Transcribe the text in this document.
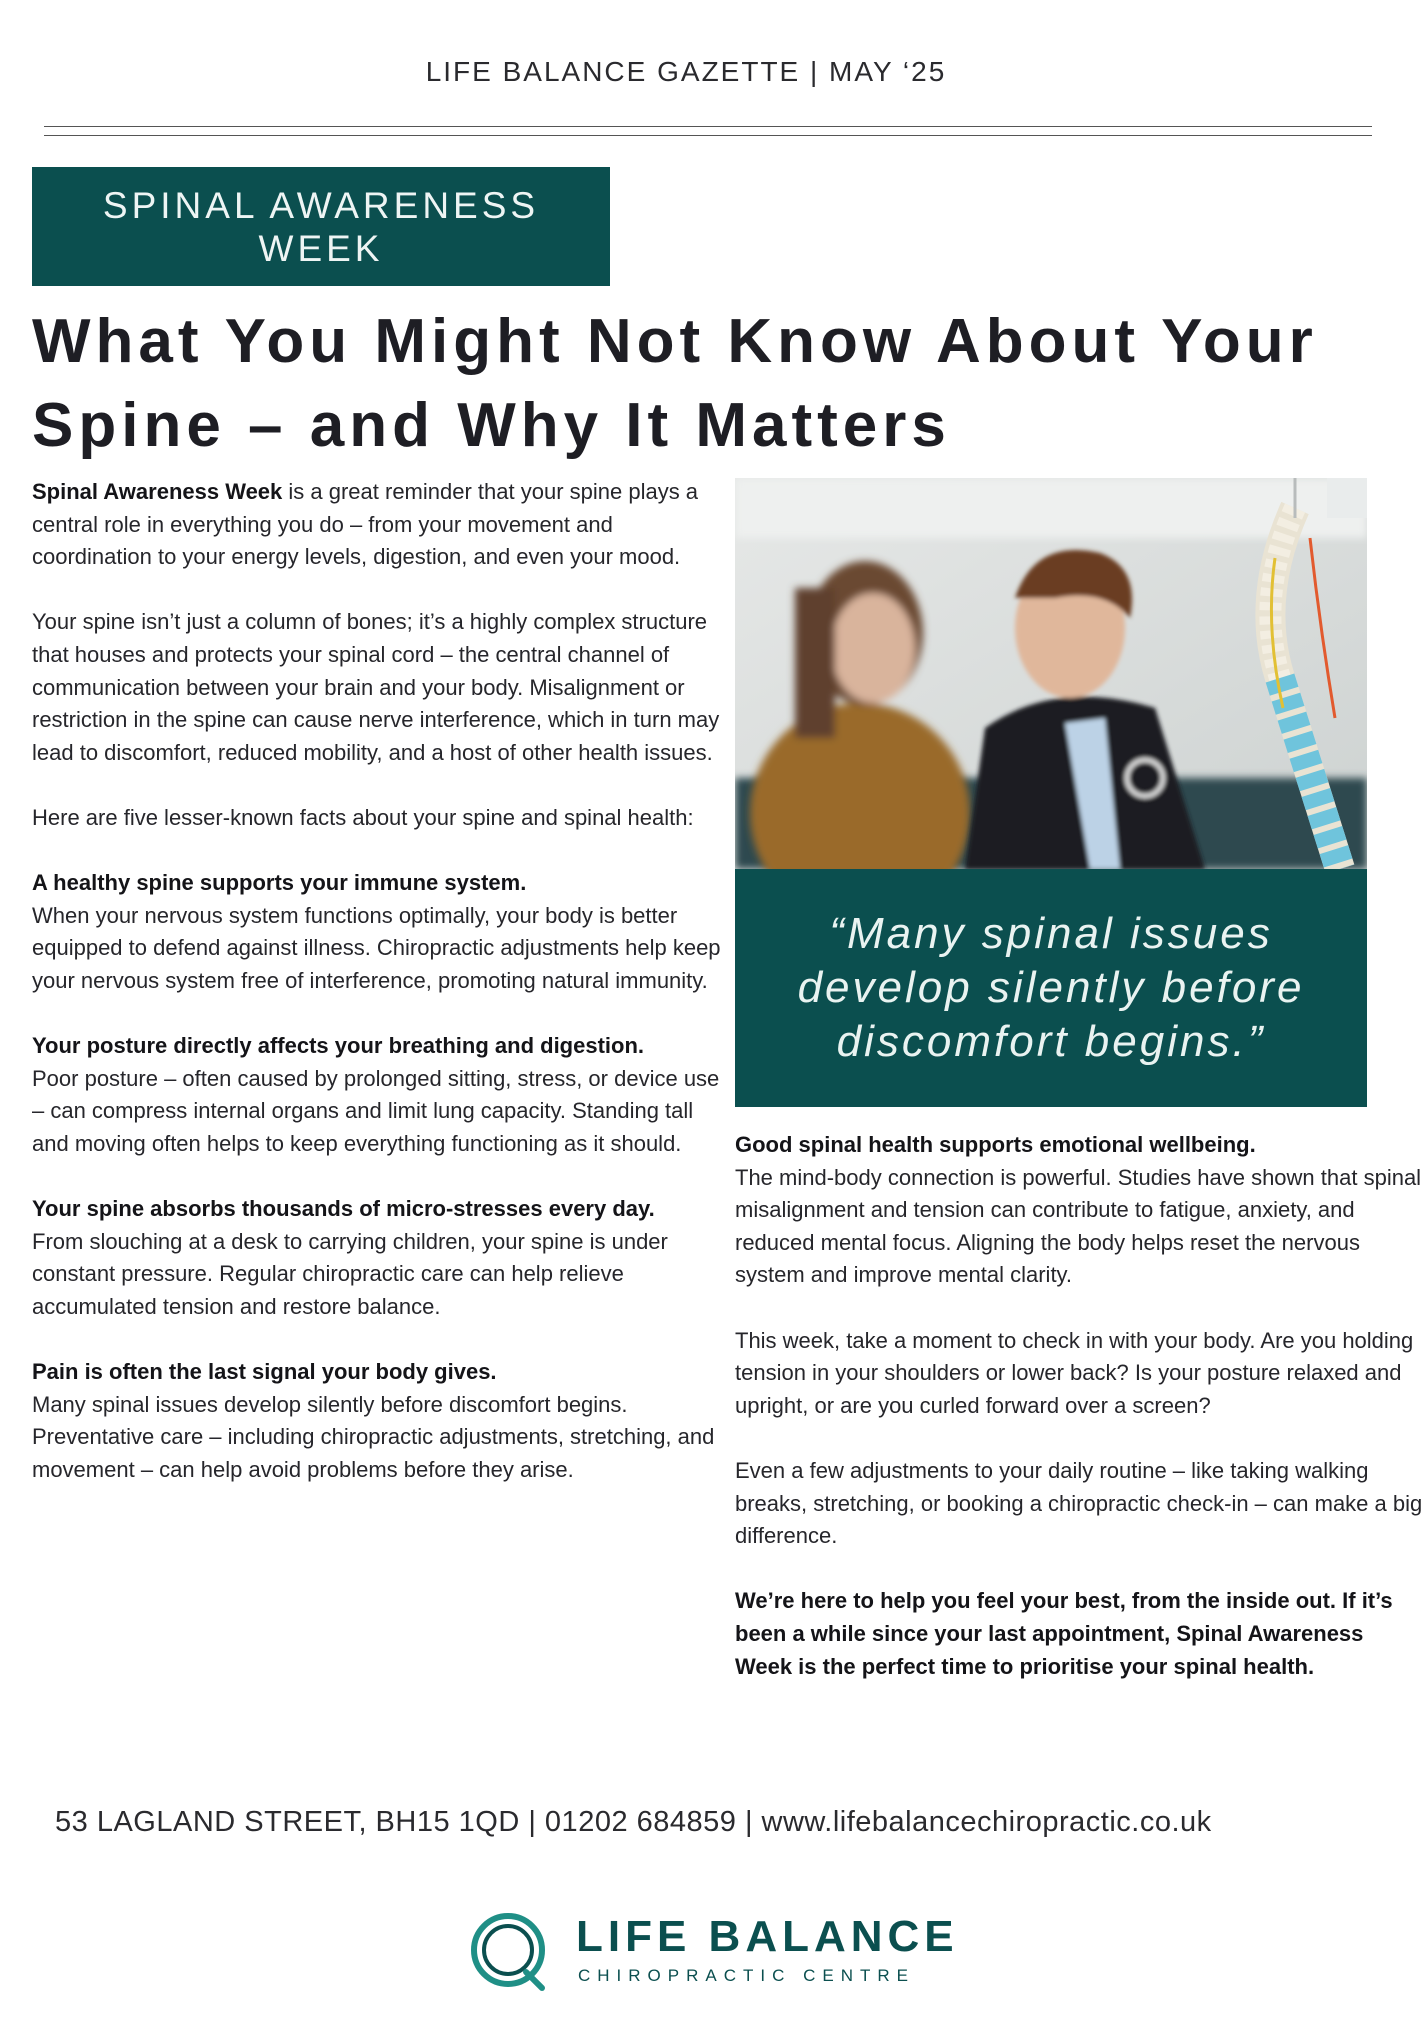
LIFE BALANCE GAZETTE | MAY ‘25
SPINAL AWARENESS WEEK
What You Might Not Know About Your Spine – and Why It Matters

Spinal Awareness Week is a great reminder that your spine plays a central role in everything you do – from your movement and coordination to your energy levels, digestion, and even your mood.

Your spine isn’t just a column of bones; it’s a highly complex structure that houses and protects your spinal cord – the central channel of communication between your brain and your body. Misalignment or restriction in the spine can cause nerve interference, which in turn may lead to discomfort, reduced mobility, and a host of other health issues.

Here are five lesser-known facts about your spine and spinal health:

A healthy spine supports your immune system.
When your nervous system functions optimally, your body is better equipped to defend against illness. Chiropractic adjustments help keep your nervous system free of interference, promoting natural immunity.

Your posture directly affects your breathing and digestion.
Poor posture – often caused by prolonged sitting, stress, or device use – can compress internal organs and limit lung capacity. Standing tall and moving often helps to keep everything functioning as it should.

Your spine absorbs thousands of micro-stresses every day.
From slouching at a desk to carrying children, your spine is under constant pressure. Regular chiropractic care can help relieve accumulated tension and restore balance.

Pain is often the last signal your body gives.
Many spinal issues develop silently before discomfort begins. Preventative care – including chiropractic adjustments, stretching, and movement – can help avoid problems before they arise.

“Many spinal issues develop silently before discomfort begins.”

Good spinal health supports emotional wellbeing.
The mind-body connection is powerful. Studies have shown that spinal misalignment and tension can contribute to fatigue, anxiety, and reduced mental focus. Aligning the body helps reset the nervous system and improve mental clarity.

This week, take a moment to check in with your body. Are you holding tension in your shoulders or lower back? Is your posture relaxed and upright, or are you curled forward over a screen?

Even a few adjustments to your daily routine – like taking walking breaks, stretching, or booking a chiropractic check-in – can make a big difference.

We’re here to help you feel your best, from the inside out. If it’s been a while since your last appointment, Spinal Awareness Week is the perfect time to prioritise your spinal health.

53 LAGLAND STREET, BH15 1QD | 01202 684859 | www.lifebalancechiropractic.co.uk
LIFE BALANCE
CHIROPRACTIC CENTRE
